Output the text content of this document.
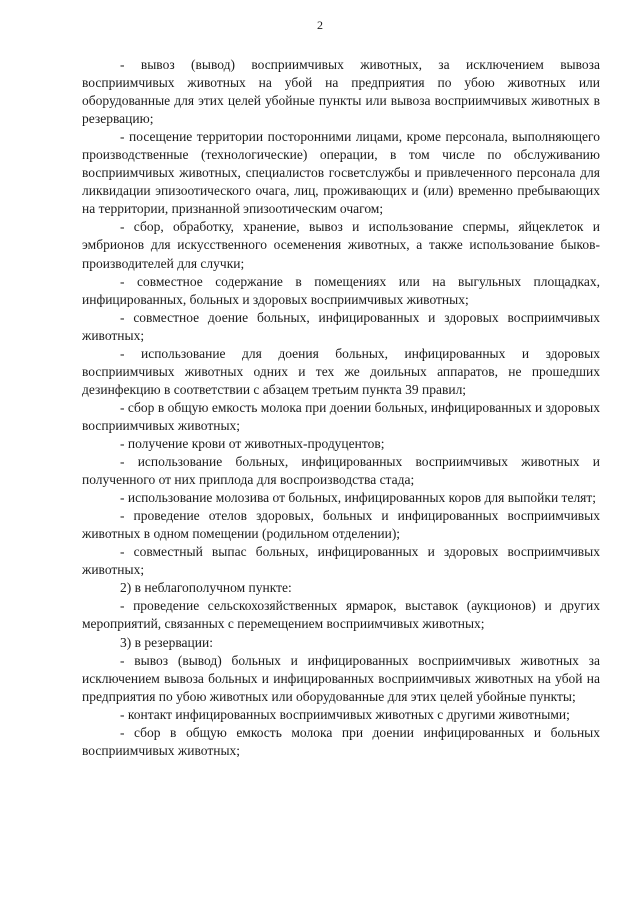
2

- вывоз (вывод) восприимчивых животных, за исключением вывоза восприимчивых животных на убой на предприятия по убою животных или оборудованные для этих целей убойные пункты или вывоза восприимчивых животных в резервацию;

- посещение территории посторонними лицами, кроме персонала, выполняющего производственные (технологические) операции, в том числе по обслуживанию восприимчивых животных, специалистов госветслужбы и привлеченного персонала для ликвидации эпизоотического очага, лиц, проживающих и (или) временно пребывающих на территории, признанной эпизоотическим очагом;

- сбор, обработку, хранение, вывоз и использование спермы, яйцеклеток и эмбрионов для искусственного осеменения животных, а также использование быков-производителей для случки;

- совместное содержание в помещениях или на выгульных площадках, инфицированных, больных и здоровых восприимчивых животных;

- совместное доение больных, инфицированных и здоровых восприимчивых животных;

- использование для доения больных, инфицированных и здоровых восприимчивых животных одних и тех же доильных аппаратов, не прошедших дезинфекцию в соответствии с абзацем третьим пункта 39 правил;

- сбор в общую емкость молока при доении больных, инфицированных и здоровых восприимчивых животных;

- получение крови от животных-продуцентов;

- использование больных, инфицированных восприимчивых животных и полученного от них приплода для воспроизводства стада;

- использование молозива от больных, инфицированных коров для выпойки телят;

- проведение отелов здоровых, больных и инфицированных восприимчивых животных в одном помещении (родильном отделении);

- совместный выпас больных, инфицированных и здоровых восприимчивых животных;

2) в неблагополучном пункте:

- проведение сельскохозяйственных ярмарок, выставок (аукционов) и других мероприятий, связанных с перемещением восприимчивых животных;

3) в резервации:

- вывоз (вывод) больных и инфицированных восприимчивых животных за исключением вывоза больных и инфицированных восприимчивых животных на убой на предприятия по убою животных или оборудованные для этих целей убойные пункты;

- контакт инфицированных восприимчивых животных с другими животными;

- сбор в общую емкость молока при доении инфицированных и больных восприимчивых животных;
